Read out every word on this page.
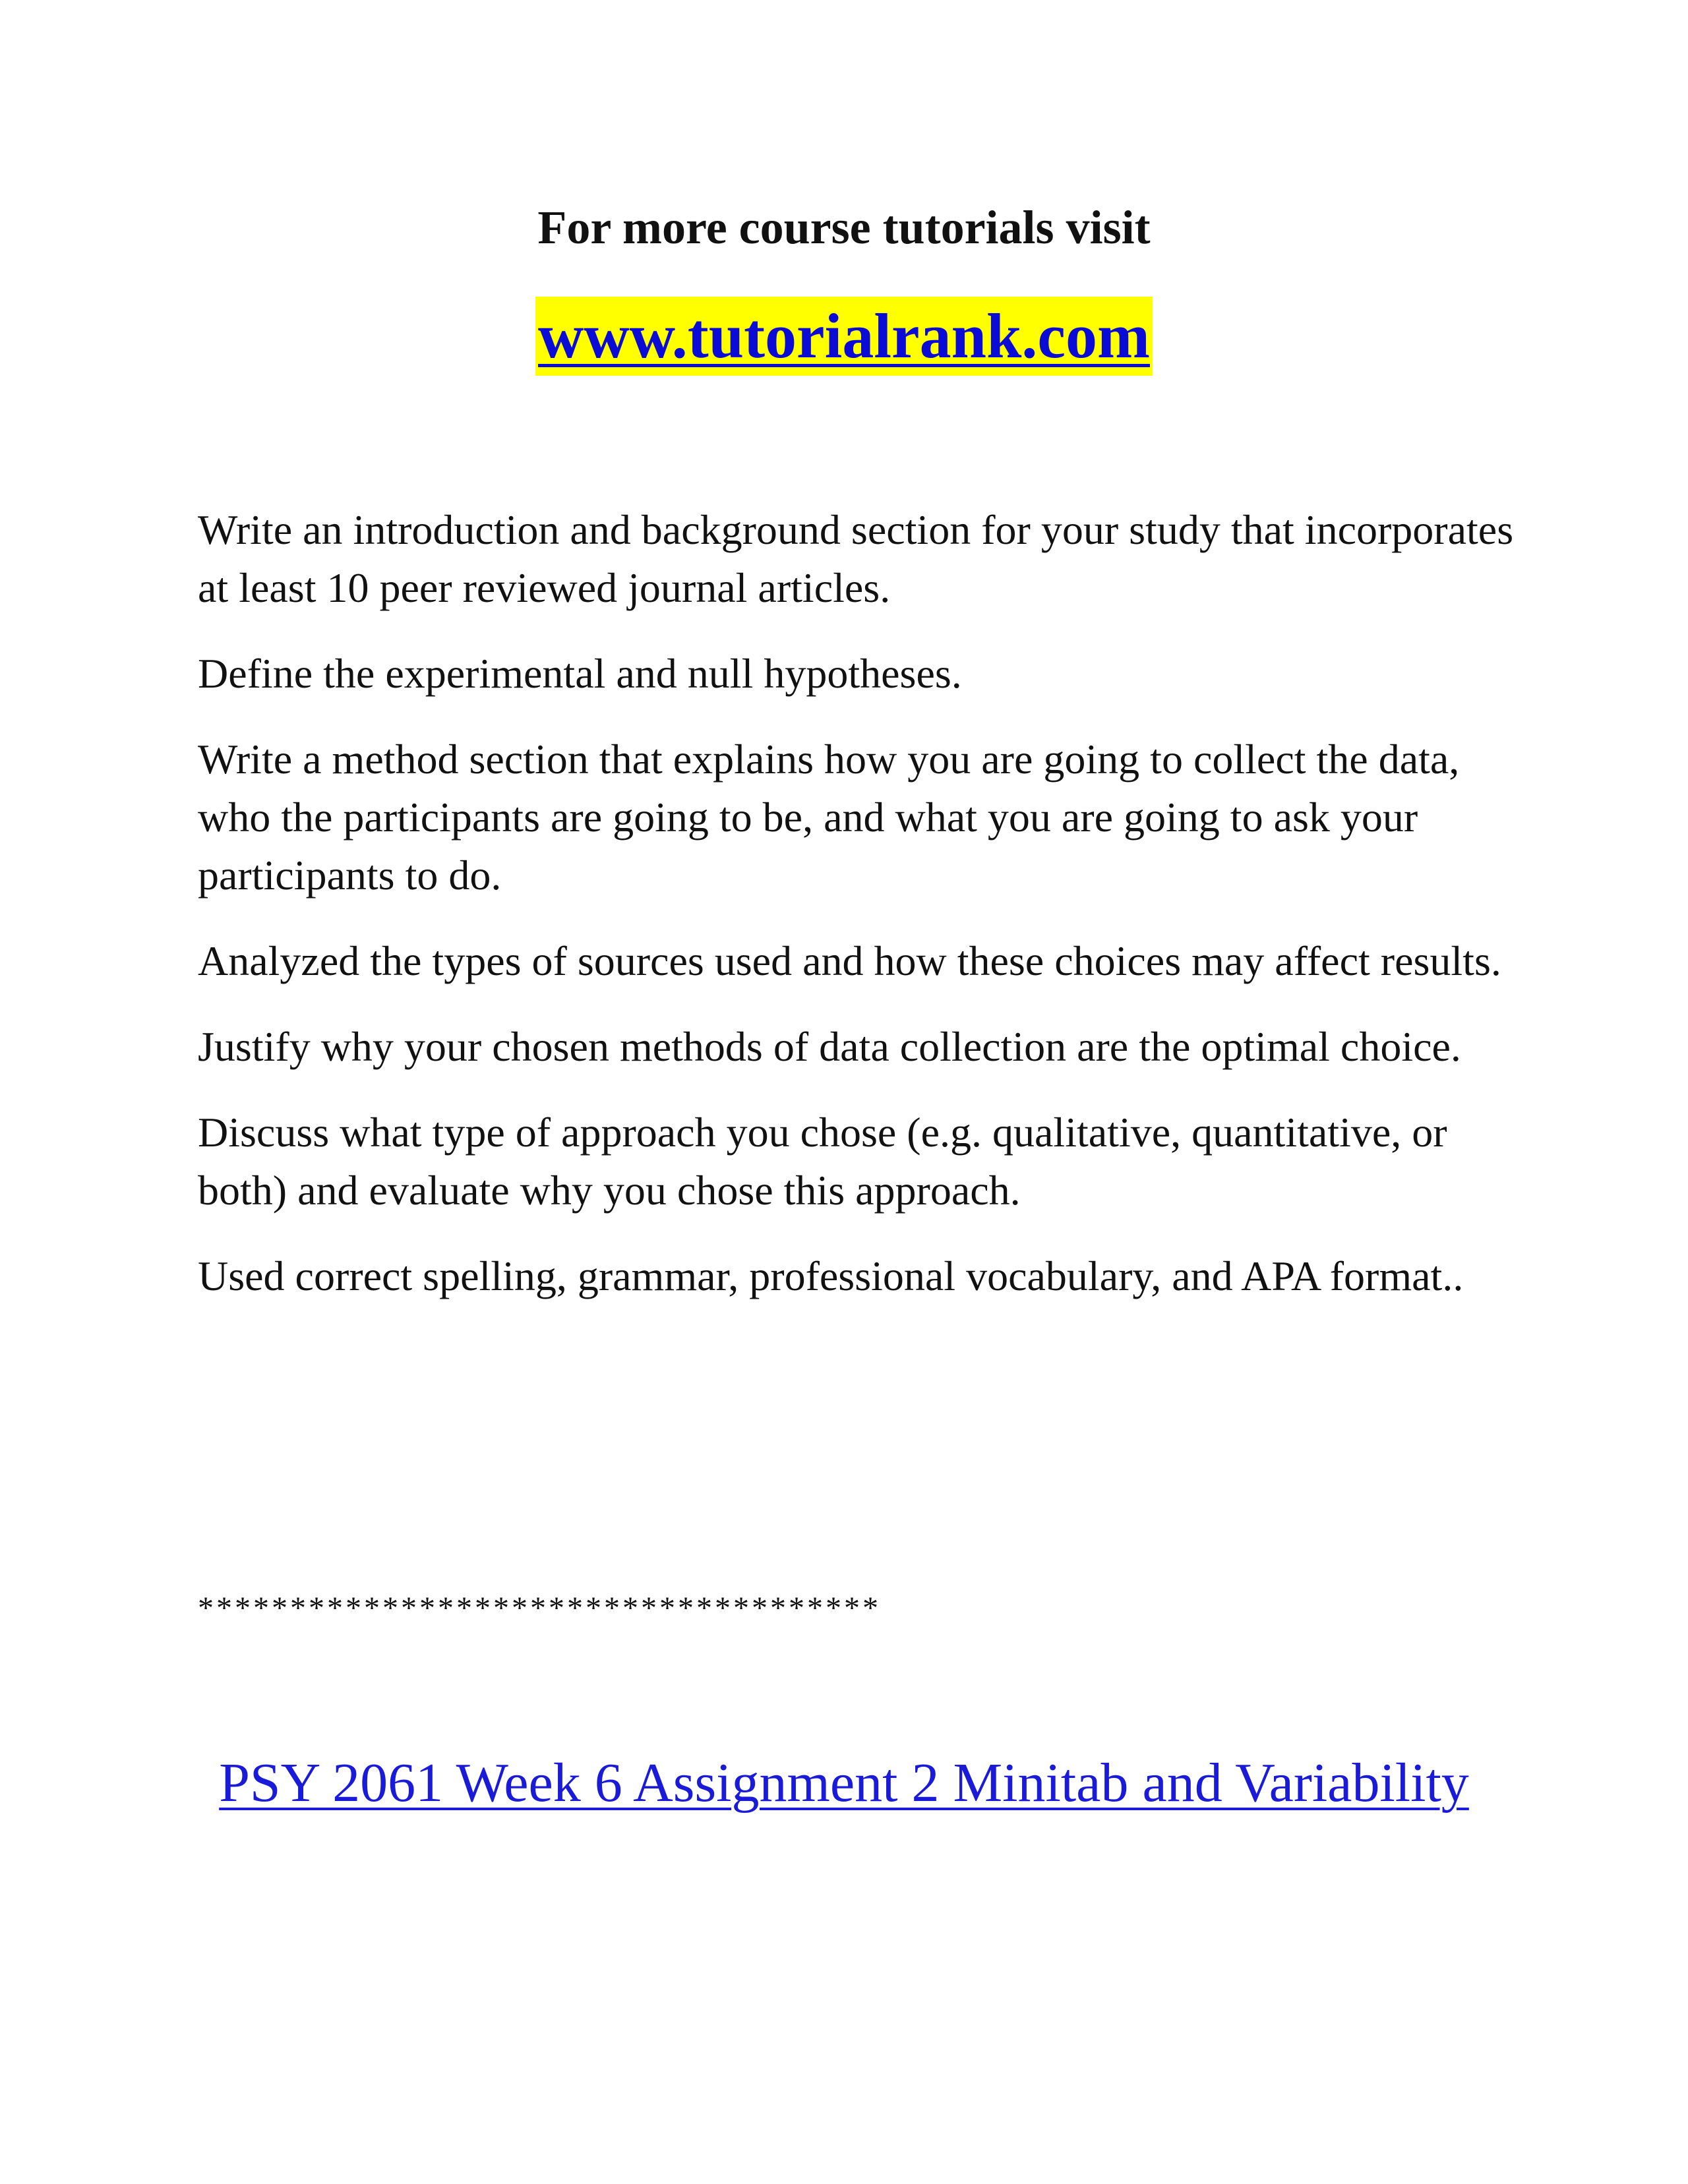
For more course tutorials visit

www.tutorialrank.com

Write an introduction and background section for your study that incorporates at least 10 peer reviewed journal articles.

Define the experimental and null hypotheses.

Write a method section that explains how you are going to collect the data, who the participants are going to be, and what you are going to ask your participants to do.

Analyzed the types of sources used and how these choices may affect results.

Justify why your chosen methods of data collection are the optimal choice.

Discuss what type of approach you chose (e.g. qualitative, quantitative, or both) and evaluate why you chose this approach.

Used correct spelling, grammar, professional vocabulary, and APA format..

*************************************

PSY 2061 Week 6 Assignment 2 Minitab and Variability
